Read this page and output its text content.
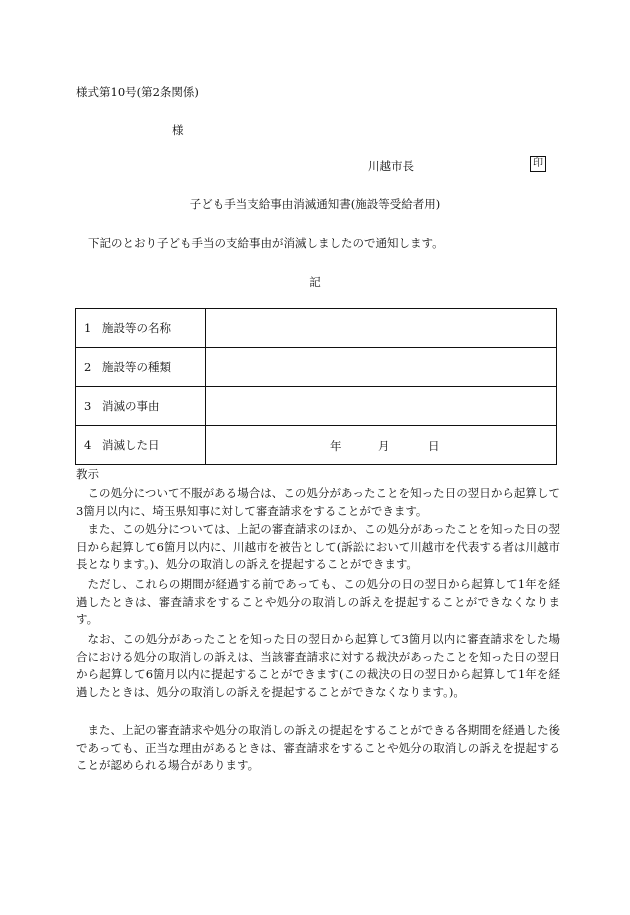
様式第10号(第2条関係)
様
川越市長	印
子ども手当支給事由消滅通知書(施設等受給者用)
下記のとおり子ども手当の支給事由が消滅しましたので通知します。
記
1 施設等の名称	
2 施設等の種類	
3 消滅の事由	
4 消滅した日	年 月 日
教示
この処分について不服がある場合は、この処分があったことを知った日の翌日から起算して3箇月以内に、埼玉県知事に対して審査請求をすることができます。
また、この処分については、上記の審査請求のほか、この処分があったことを知った日の翌日から起算して6箇月以内に、川越市を被告として(訴訟において川越市を代表する者は川越市長となります。)、処分の取消しの訴えを提起することができます。
ただし、これらの期間が経過する前であっても、この処分の日の翌日から起算して1年を経過したときは、審査請求をすることや処分の取消しの訴えを提起することができなくなります。
なお、この処分があったことを知った日の翌日から起算して3箇月以内に審査請求をした場合における処分の取消しの訴えは、当該審査請求に対する裁決があったことを知った日の翌日から起算して6箇月以内に提起することができます(この裁決の日の翌日から起算して1年を経過したときは、処分の取消しの訴えを提起することができなくなります。)。
また、上記の審査請求や処分の取消しの訴えの提起をすることができる各期間を経過した後であっても、正当な理由があるときは、審査請求をすることや処分の取消しの訴えを提起することが認められる場合があります。
